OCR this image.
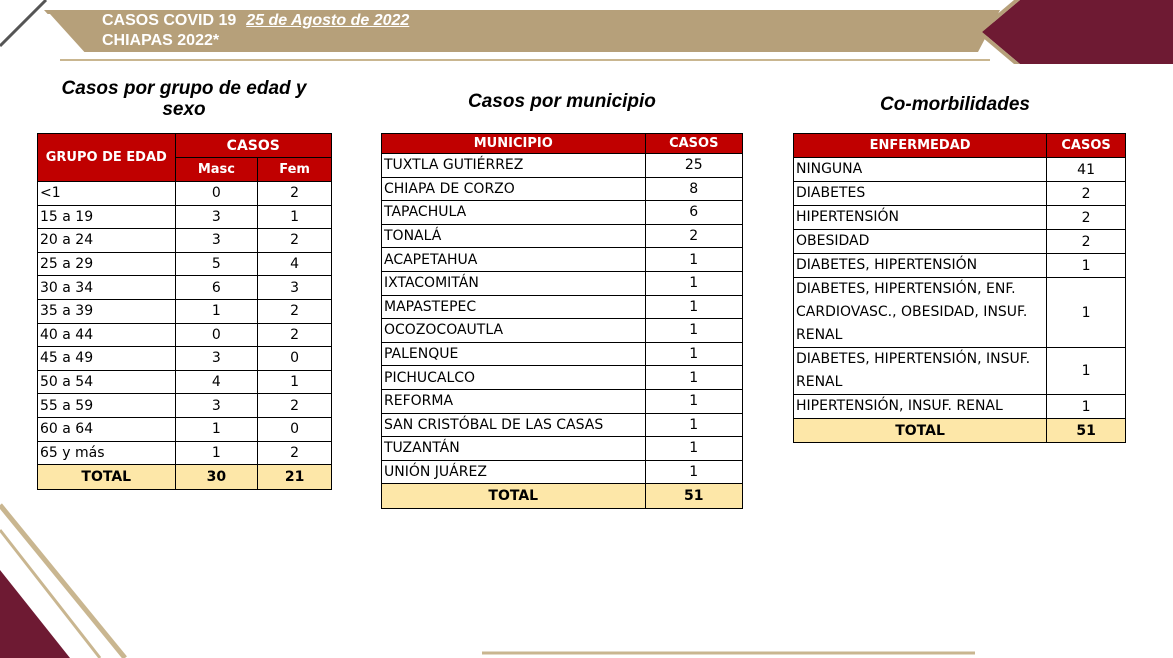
CASOS COVID 19 25 de Agosto de 2022
CHIAPAS 2022*
Casos por grupo de edad y
sexo	Casos por municipio	Co-morbilidades
GRUPO DE EDAD	CASOS	
	Masc	Fem
<1	0	2
15 a 19	3	1
20 a 24	3	2
25 a 29	5	4
30 a 34	6	3
35 a 39	1	2
40 a 44	0	2
45 a 49	3	0
50 a 54	4	1
55 a 59	3	2
60 a 64	1	0
65 y más	1	2
TOTAL	30	21
MUNICIPIO	CASOS
TUXTLA GUTIÉRREZ	25
CHIAPA DE CORZO	8
TAPACHULA	6
TONALÁ	2
ACAPETAHUA	1
IXTACOMITÁN	1
MAPASTEPEC	1
OCOZOCOAUTLA	1
PALENQUE	1
PICHUCALCO	1
REFORMA	1
SAN CRISTÓBAL DE LAS CASAS	1
TUZANTÁN	1
UNIÓN JUÁREZ	1
TOTAL	51
ENFERMEDAD	CASOS
NINGUNA	41
DIABETES	2
HIPERTENSIÓN	2
OBESIDAD	2
DIABETES, HIPERTENSIÓN	1
DIABETES, HIPERTENSIÓN, ENF. CARDIOVASC., OBESIDAD, INSUF. RENAL	1
DIABETES, HIPERTENSIÓN, INSUF. RENAL	1
HIPERTENSIÓN, INSUF. RENAL	1
TOTAL	51
